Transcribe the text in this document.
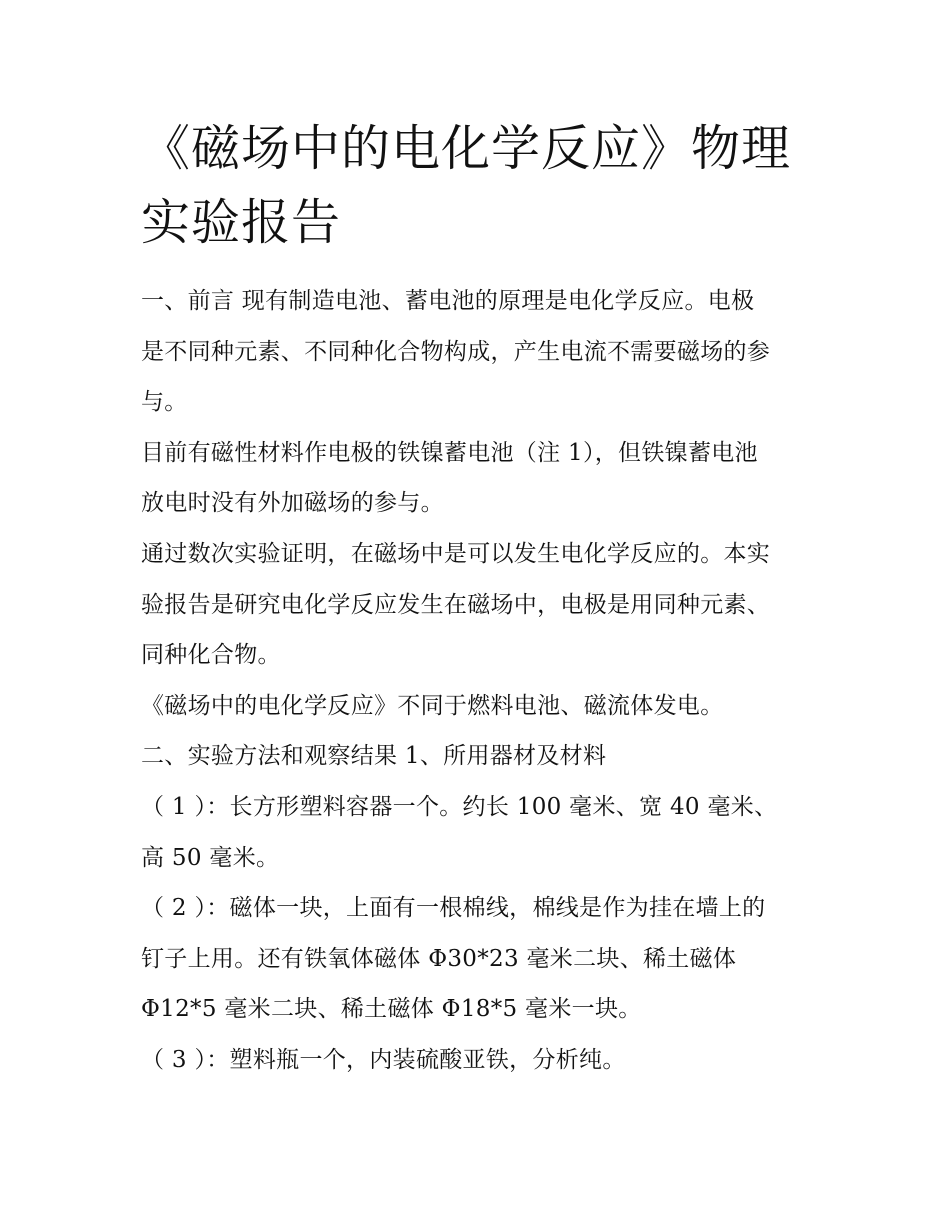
《磁场中的电化学反应》物理
实验报告

一、前言 现有制造电池、蓄电池的原理是电化学反应。电极
是不同种元素、不同种化合物构成，产生电流不需要磁场的参
与。

目前有磁性材料作电极的铁镍蓄电池（注 1），但铁镍蓄电池
放电时没有外加磁场的参与。

通过数次实验证明，在磁场中是可以发生电化学反应的。本实
验报告是研究电化学反应发生在磁场中，电极是用同种元素、
同种化合物。

《磁场中的电化学反应》不同于燃料电池、磁流体发电。

二、实验方法和观察结果 1、所用器材及材料

（ 1 ）：长方形塑料容器一个。约长 100 毫米、宽 40 毫米、
高 50 毫米。

（ 2 ）：磁体一块，上面有一根棉线，棉线是作为挂在墙上的
钉子上用。还有铁氧体磁体 Φ30*23 毫米二块、稀土磁体
Φ12*5 毫米二块、稀土磁体 Φ18*5 毫米一块。

（ 3 ）：塑料瓶一个，内装硫酸亚铁，分析纯。
